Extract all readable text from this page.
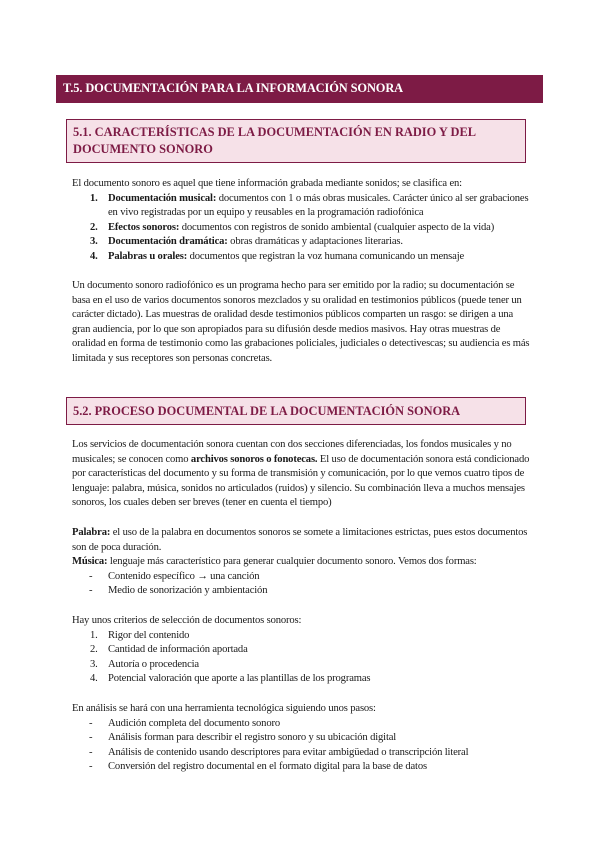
T.5. DOCUMENTACIÓN PARA LA INFORMACIÓN SONORA
5.1. CARACTERÍSTICAS DE LA DOCUMENTACIÓN EN RADIO Y DEL
DOCUMENTO SONORO

El documento sonoro es aquel que tiene información grabada mediante sonidos; se clasifica en:

1. Documentación musical: documentos con 1 o más obras musicales. Carácter único al ser grabaciones en vivo registradas por un equipo y reusables en la programación radiofónica
2. Efectos sonoros: documentos con registros de sonido ambiental (cualquier aspecto de la vida)
3. Documentación dramática: obras dramáticas y adaptaciones literarias.
4. Palabras u orales: documentos que registran la voz humana comunicando un mensaje

Un documento sonoro radiofónico es un programa hecho para ser emitido por la radio; su documentación se basa en el uso de varios documentos sonoros mezclados y su oralidad en testimonios públicos (puede tener un carácter dictado). Las muestras de oralidad desde testimonios públicos comparten un rasgo: se dirigen a una gran audiencia, por lo que son apropiados para su difusión desde medios masivos. Hay otras muestras de oralidad en forma de testimonio como las grabaciones policiales, judiciales o detectivescas; su audiencia es más limitada y sus receptores son personas concretas.

5.2. PROCESO DOCUMENTAL DE LA DOCUMENTACIÓN SONORA

Los servicios de documentación sonora cuentan con dos secciones diferenciadas, los fondos musicales y no musicales; se conocen como archivos sonoros o fonotecas. El uso de documentación sonora está condicionado por características del documento y su forma de transmisión y comunicación, por lo que vemos cuatro tipos de lenguaje: palabra, música, sonidos no articulados (ruidos) y silencio. Su combinación lleva a muchos mensajes sonoros, los cuales deben ser breves (tener en cuenta el tiempo)

Palabra: el uso de la palabra en documentos sonoros se somete a limitaciones estrictas, pues estos documentos son de poca duración.

Música: lenguaje más característico para generar cualquier documento sonoro. Vemos dos formas:

- Contenido específico → una canción
- Medio de sonorización y ambientación

Hay unos criterios de selección de documentos sonoros:

1. Rigor del contenido
2. Cantidad de información aportada
3. Autoría o procedencia
4. Potencial valoración que aporte a las plantillas de los programas

En análisis se hará con una herramienta tecnológica siguiendo unos pasos:

- Audición completa del documento sonoro
- Análisis forman para describir el registro sonoro y su ubicación digital
- Análisis de contenido usando descriptores para evitar ambigüedad o transcripción literal
- Conversión del registro documental en el formato digital para la base de datos
